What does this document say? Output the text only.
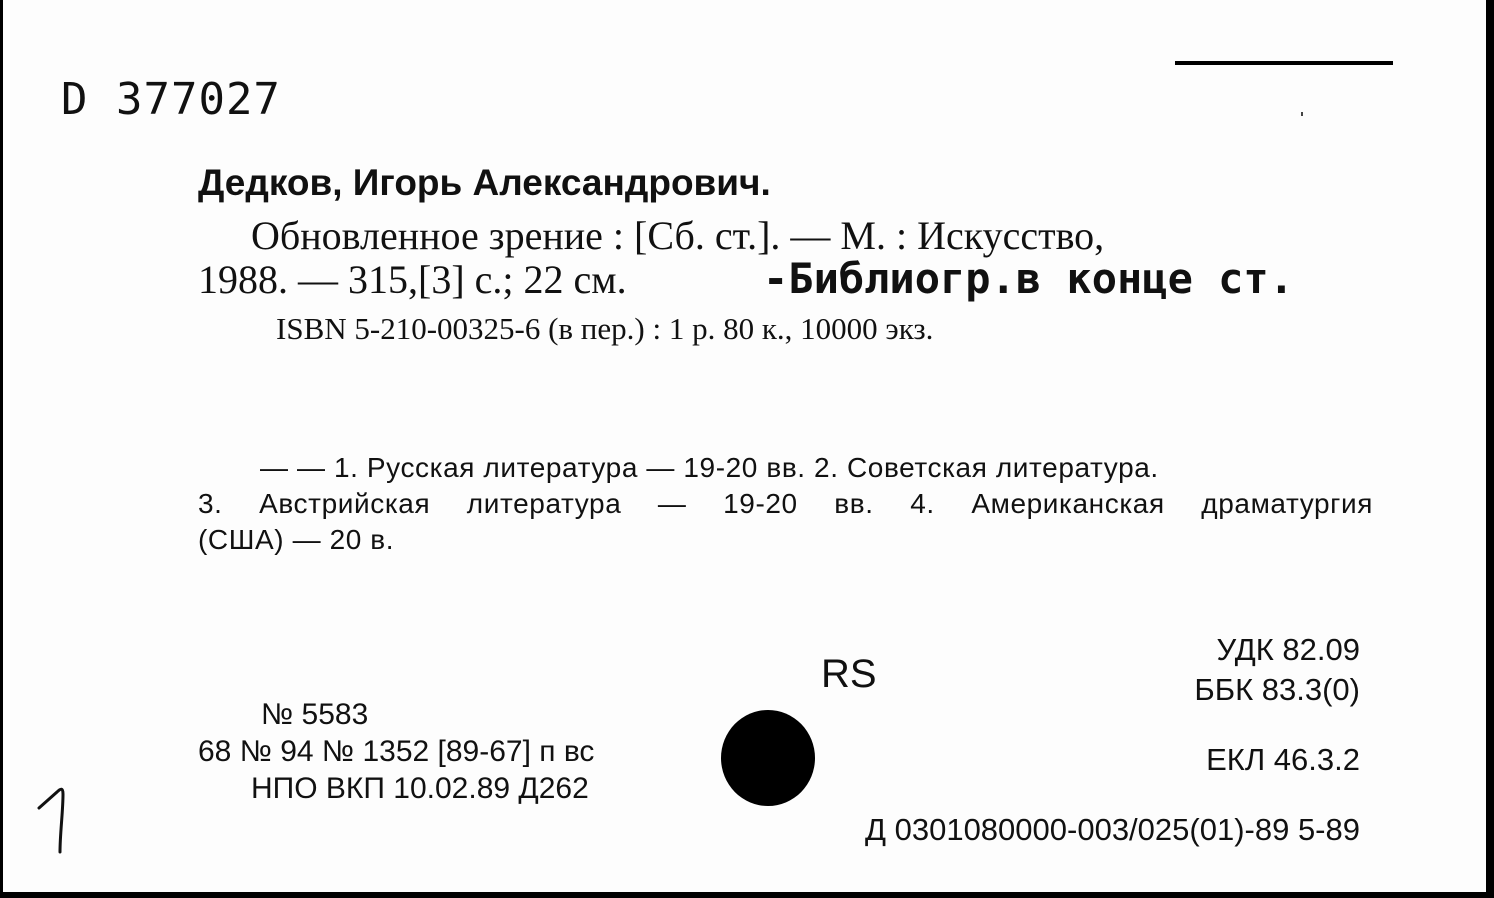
D 377027
Дедков, Игорь Александрович.
Обновленное зрение : [Сб. ст.]. — М. : Искусство,
1988. — 315,[3] с.; 22 см.	-Библиогр.в конце ст.
ISBN 5-210-00325-6 (в пер.) : 1 р. 80 к., 10000 экз.
— — 1. Русская литература — 19-20 вв. 2. Советская литература.
3. Австрийская литература — 19-20 вв. 4. Американская драматургия
(США) — 20 в.
RS
УДК 82.09
ББК 83.3(0)
ЕКЛ 46.3.2
Д 0301080000-003/025(01)-89 5-89
№ 5583
68 № 94 № 1352 [89-67] п вс
НПО ВКП 10.02.89 Д262
